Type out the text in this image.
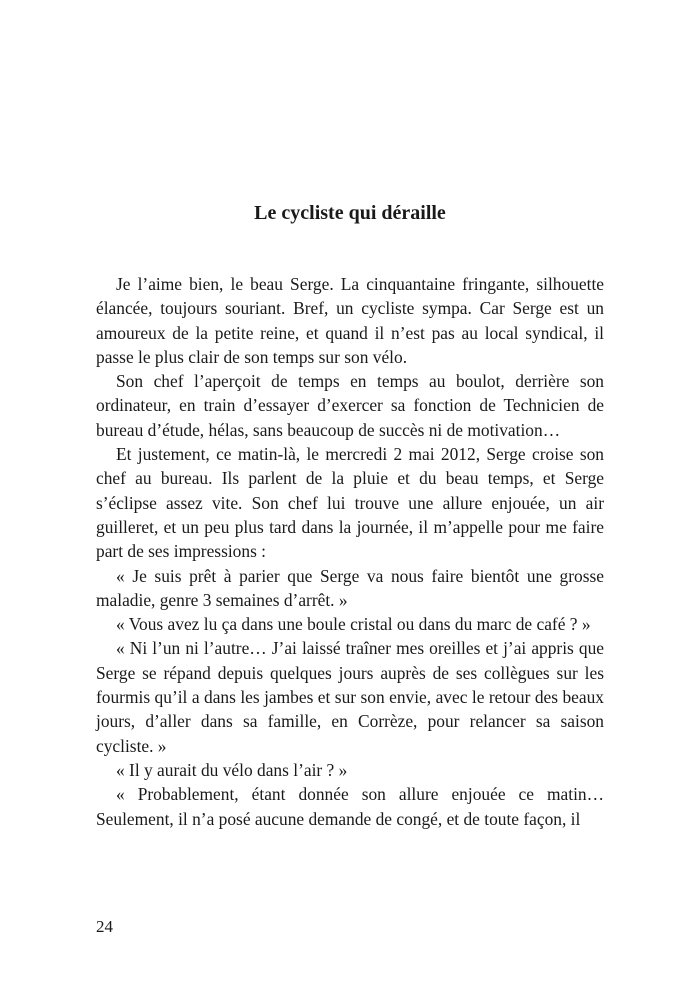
Le cycliste qui déraille

Je l’aime bien, le beau Serge. La cinquantaine fringante, silhouette élancée, toujours souriant. Bref, un cycliste sympa. Car Serge est un amoureux de la petite reine, et quand il n’est pas au local syndical, il passe le plus clair de son temps sur son vélo.

Son chef l’aperçoit de temps en temps au boulot, derrière son ordinateur, en train d’essayer d’exercer sa fonction de Technicien de bureau d’étude, hélas, sans beaucoup de succès ni de motivation…

Et justement, ce matin-là, le mercredi 2 mai 2012, Serge croise son chef au bureau. Ils parlent de la pluie et du beau temps, et Serge s’éclipse assez vite. Son chef lui trouve une allure enjouée, un air guilleret, et un peu plus tard dans la journée, il m’appelle pour me faire part de ses impressions :

« Je suis prêt à parier que Serge va nous faire bientôt une grosse maladie, genre 3 semaines d’arrêt. »

« Vous avez lu ça dans une boule cristal ou dans du marc de café ? »

« Ni l’un ni l’autre… J’ai laissé traîner mes oreilles et j’ai appris que Serge se répand depuis quelques jours auprès de ses collègues sur les fourmis qu’il a dans les jambes et sur son envie, avec le retour des beaux jours, d’aller dans sa famille, en Corrèze, pour relancer sa saison cycliste. »

« Il y aurait du vélo dans l’air ? »

« Probablement, étant donnée son allure enjouée ce matin… Seulement, il n’a posé aucune demande de congé, et de toute façon, il

24
